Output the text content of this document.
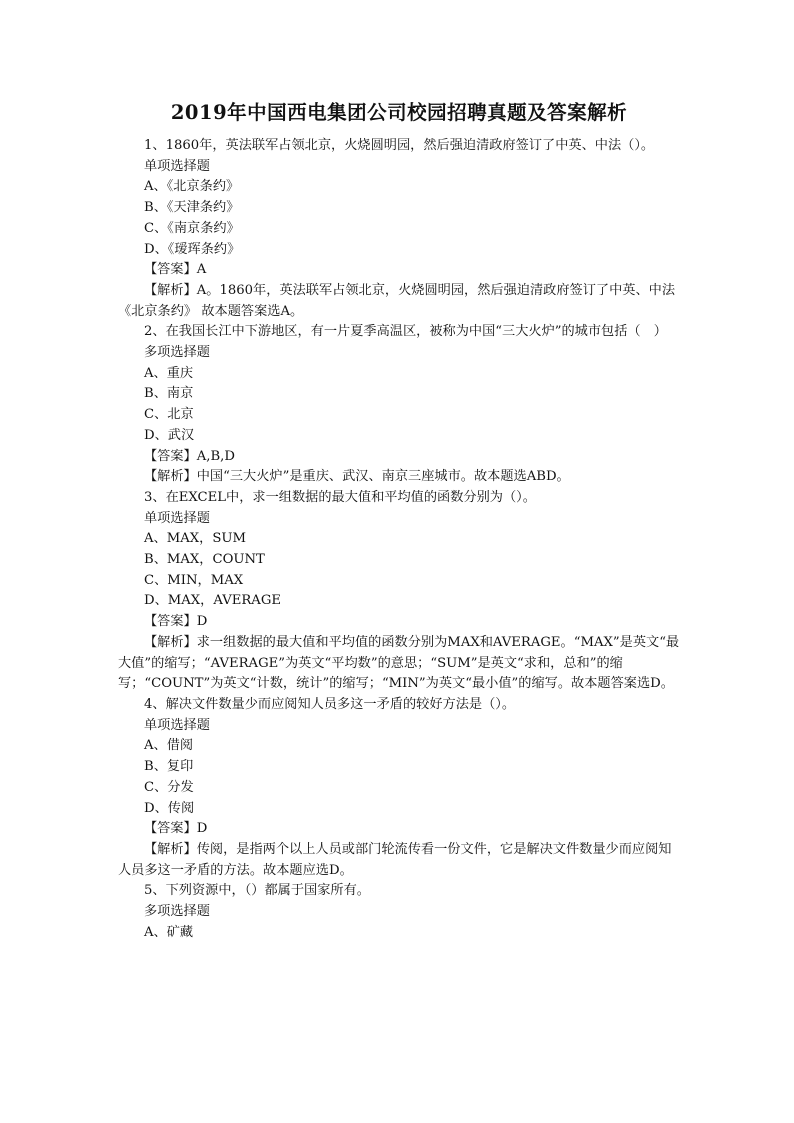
2019年中国西电集团公司校园招聘真题及答案解析

1、1860年，英法联军占领北京，火烧圆明园，然后强迫清政府签订了中英、中法（）。

单项选择题

A、《北京条约》

B、《天津条约》

C、《南京条约》

D、《瑷珲条约》

【答案】A

【解析】A。1860年，英法联军占领北京，火烧圆明园，然后强迫清政府签订了中英、中法《北京条约》 故本题答案选A。

2、在我国长江中下游地区，有一片夏季高温区，被称为中国“三大火炉”的城市包括（　）

多项选择题

A、重庆

B、南京

C、北京

D、武汉

【答案】A,B,D

【解析】中国“三大火炉”是重庆、武汉、南京三座城市。故本题选ABD。

3、在EXCEL中，求一组数据的最大值和平均值的函数分别为（）。

单项选择题

A、MAX，SUM

B、MAX，COUNT

C、MIN，MAX

D、MAX，AVERAGE

【答案】D

【解析】求一组数据的最大值和平均值的函数分别为MAX和AVERAGE。“MAX”是英文“最大值”的缩写；“AVERAGE”为英文“平均数”的意思；“SUM”是英文“求和，总和”的缩写；“COUNT”为英文“计数，统计”的缩写；“MIN”为英文“最小值”的缩写。故本题答案选D。

4、解决文件数量少而应阅知人员多这一矛盾的较好方法是（）。

单项选择题

A、借阅

B、复印

C、分发

D、传阅

【答案】D

【解析】传阅，是指两个以上人员或部门轮流传看一份文件，它是解决文件数量少而应阅知人员多这一矛盾的方法。故本题应选D。

5、下列资源中，（）都属于国家所有。

多项选择题

A、矿藏
